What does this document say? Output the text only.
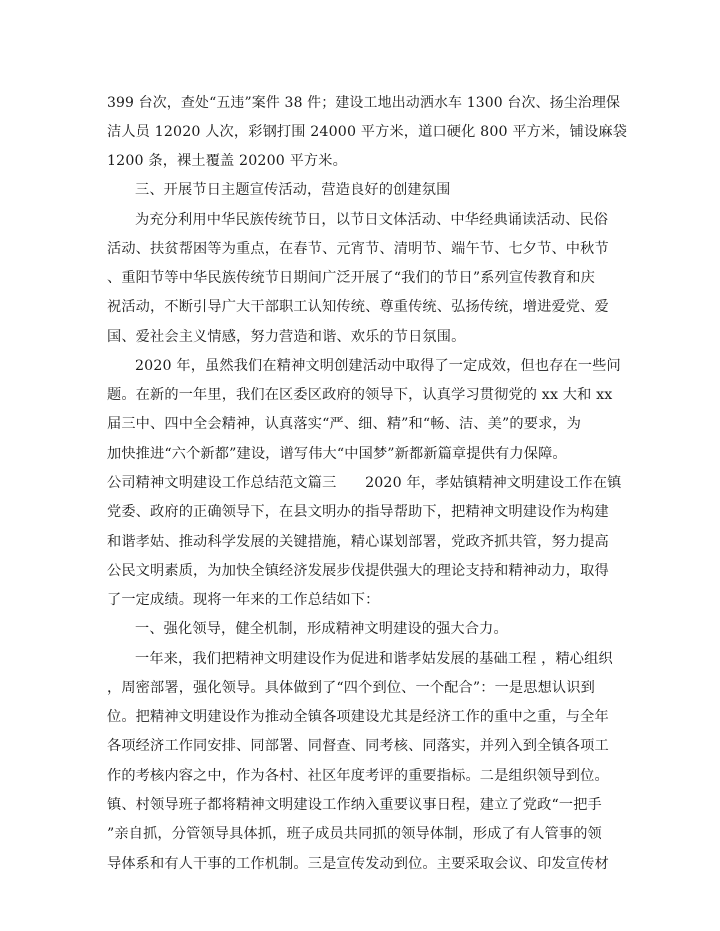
399 台次，查处“五违”案件 38 件；建设工地出动洒水车 1300 台次、扬尘治理保
洁人员 12020 人次，彩钢打围 24000 平方米，道口硬化 800 平方米，铺设麻袋
1200 条，裸土覆盖 20200 平方米。
三、开展节日主题宣传活动，营造良好的创建氛围
为充分利用中华民族传统节日，以节日文体活动、中华经典诵读活动、民俗
活动、扶贫帮困等为重点，在春节、元宵节、清明节、端午节、七夕节、中秋节
、重阳节等中华民族传统节日期间广泛开展了“我们的节日”系列宣传教育和庆
祝活动，不断引导广大干部职工认知传统、尊重传统、弘扬传统，增进爱党、爱
国、爱社会主义情感，努力营造和谐、欢乐的节日氛围。
2020 年，虽然我们在精神文明创建活动中取得了一定成效，但也存在一些问
题。在新的一年里，我们在区委区政府的领导下，认真学习贯彻党的 xx 大和 xx
届三中、四中全会精神，认真落实“严、细、精”和“畅、洁、美”的要求，为
加快推进“六个新都”建设，谱写伟大“中国梦”新都新篇章提供有力保障。
公司精神文明建设工作总结范文篇三　　2020 年，孝姑镇精神文明建设工作在镇
党委、政府的正确领导下，在县文明办的指导帮助下，把精神文明建设作为构建
和谐孝姑、推动科学发展的关键措施，精心谋划部署，党政齐抓共管，努力提高
公民文明素质，为加快全镇经济发展步伐提供强大的理论支持和精神动力，取得
了一定成绩。现将一年来的工作总结如下：
一、强化领导，健全机制，形成精神文明建设的强大合力。
一年来，我们把精神文明建设作为促进和谐孝姑发展的基础工程 ，精心组织
，周密部署，强化领导。具体做到了“四个到位、一个配合”：一是思想认识到
位。把精神文明建设作为推动全镇各项建设尤其是经济工作的重中之重，与全年
各项经济工作同安排、同部署、同督查、同考核、同落实，并列入到全镇各项工
作的考核内容之中，作为各村、社区年度考评的重要指标。二是组织领导到位。
镇、村领导班子都将精神文明建设工作纳入重要议事日程，建立了党政“一把手
”亲自抓，分管领导具体抓，班子成员共同抓的领导体制，形成了有人管事的领
导体系和有人干事的工作机制。三是宣传发动到位。主要采取会议、印发宣传材
